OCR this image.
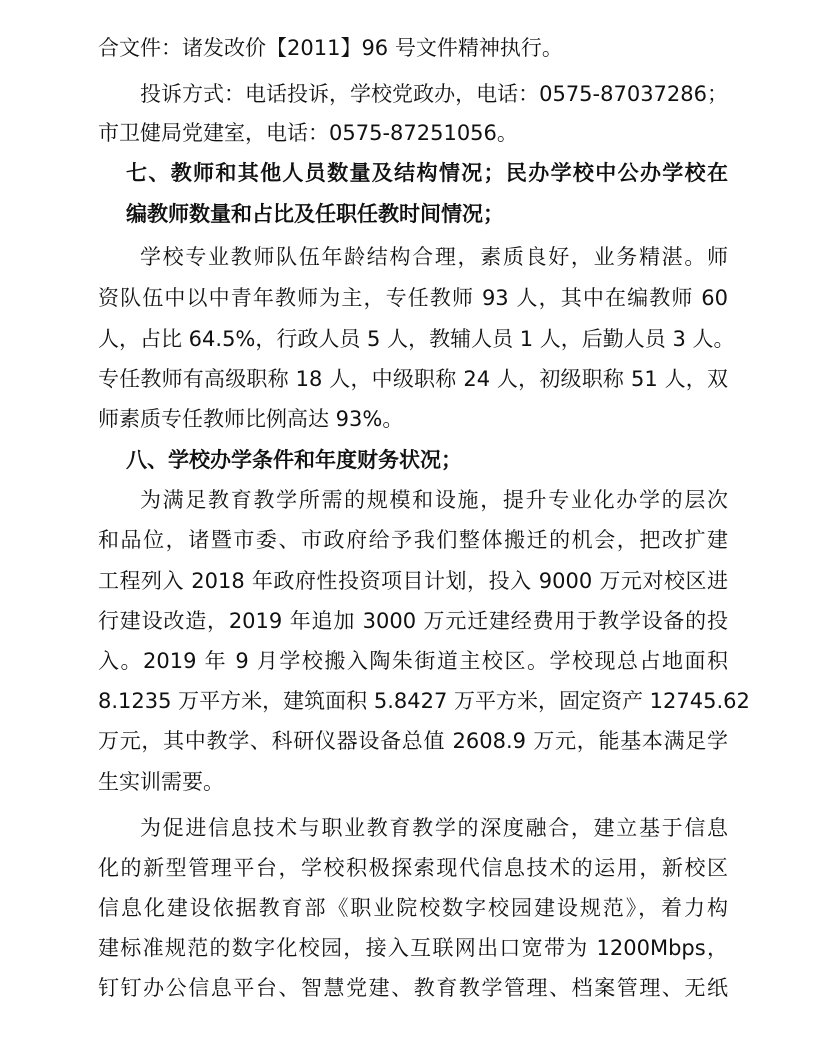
合文件：诸发改价【2011】96 号文件精神执行。
投诉方式：电话投诉，学校党政办，电话：0575-87037286；
市卫健局党建室，电话：0575-87251056。
七、教师和其他人员数量及结构情况；民办学校中公办学校在
编教师数量和占比及任职任教时间情况；
学校专业教师队伍年龄结构合理，素质良好，业务精湛。师
资队伍中以中青年教师为主，专任教师 93 人，其中在编教师 60
人，占比 64.5%，行政人员 5 人，教辅人员 1 人，后勤人员 3 人。
专任教师有高级职称 18 人，中级职称 24 人，初级职称 51 人，双
师素质专任教师比例高达 93%。
八、学校办学条件和年度财务状况；
为满足教育教学所需的规模和设施，提升专业化办学的层次
和品位，诸暨市委、市政府给予我们整体搬迁的机会，把改扩建
工程列入 2018 年政府性投资项目计划，投入 9000 万元对校区进
行建设改造，2019 年追加 3000 万元迁建经费用于教学设备的投
入。2019 年 9 月学校搬入陶朱街道主校区。学校现总占地面积
8.1235 万平方米，建筑面积 5.8427 万平方米，固定资产 12745.62
万元，其中教学、科研仪器设备总值 2608.9 万元，能基本满足学
生实训需要。
为促进信息技术与职业教育教学的深度融合，建立基于信息
化的新型管理平台，学校积极探索现代信息技术的运用，新校区
信息化建设依据教育部《职业院校数字校园建设规范》，着力构
建标准规范的数字化校园，接入互联网出口宽带为 1200Mbps，
钉钉办公信息平台、智慧党建、教育教学管理、档案管理、无纸
